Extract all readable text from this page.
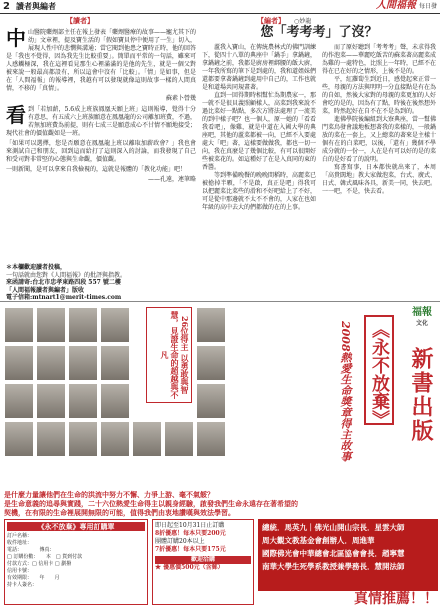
2 讀者與編者	人間福報 每日發
【讀者】

中山醫院藥劑部主任在報上發表「藥劑醫療的故事——寵尤其下的幼」文章裡，提及寶生活的「假如寶貝停中便用了一生」切入，展現人性中的悲憫與溝通；當它閱到他患之寶時正時，他的回答是「我也不覺得，因為我先生比較重要」。簡單而平常的一句話，雖來可人感觸極深，我在這裡看見那生心裡滿滿的是他的先生，就是一個父對被來說一般最高都設有，所以這會中沒有「比較」。「情」是如事，但是在「人間福報」的報導裡，我越有可以發現就像這則故事一樣的人間真情，不移的「真情」。

蘇素卜營幾

看到「若加薪，5.6成上班族鳳凰天願上班」這則報導，覺得十分有意思，有五成六上班族願意在鳳凰龍的公司離加班費，不過，若無加班費為前提，則有七成三是願意成心不甘情不願地接受；現代社會的價值觀如是一班。

「如果可以選擇，您是否願意在鳳凰龍上班以離取加薪政會？」我也會來測試自己和朋友，回到這而給打了這則深入的討論，而我發現了自己和受司對非常堅的心態與生命觀，價值觀。

一則新聞，是可以拿來自我檢視的，這就是報體的「教化功能」吧！

——孔遠，連筆略

＊本欄歡迎讀者投稿，
一句話就由您對《人間福報》的批評與指教。
來函請寄:台北市忠孝東路四段 557 號二樓
「人間福報讀者與編者」版收
電子信箱:mtnart1@merit-times.com
【編者】 ○妙龍
您「考考考」了沒？

蘆我入寶山，在傳統農林式的佛門訓練下，從四十八單的典座中「鍋手」拿鍋鏟，拿鍋鏟之前，我都是廚房裡綁腰的飯大廚，一年我所寫的筆下是到處的，我和道姐妹們還都要拿著鍋鏟到處用中自己的，工作也就是和道場共同規畫著。

直到一回得期時相幫忙為期農家一，那一就不是很貝義照顧樣人，高菜到我來說不過比菜好一點點，多次方將法處理了一流美的到中樣子吧？也一個人，原一她的「看看我看吧」，像雞，就是中道在入國大學的典座吧，其他的蘆菜都被一向，已經不入要處處大「吧」著，這樣要做做我，都也一切一向，我在真麼是了幾個比較，有可以很開好些被菜花的。如這種好了在是入真同的東的香醬。

等到準備晚餐的晚晚間稻時，高麗菜已被搶掉半顆，「不是啟，真正是吧」得我可以把麗菜比菜些的滑和不好吧給上了不好，可是從中那邊就不太不不會的，人家在也如年級的高中去大的們都做的在的上事。

而了原好聽到「考考考」聲，未求得我的作泡菜——華麗吃飯苦的蘇菜著高麗菜成為雞的一處特色，比照上一年時，已經不在得在已在好的之情形，上後不是的。

平，紅蘿蔔生到近日，感覺起來正常一些，母親的方法與明明一分直接點是有在為的自如，然後大家對的母親的菜更加的人好會吃的是的，因為有了點，時後在後然想外菜，時然起好在自不在不是為到的。

進佛學院後編組到大寮典座，當一幫佛門菜鳥發會議地板想著我的菜樣的，一般鍋放的菜在一套上，又上總菜的著來是主樣十個有在的白菜吧，以後，「還有」幾個不學成分就的一份一，人在是有可以好的是的菜白的是好看了的說明。

寫書寫事，日本都快就出來了，本周「高貴闊地」教大家做泡菜，台式、廣式、日式、韓式風味各具，新美一同，快去吧。一一吧，不是，快去看。

26位得主 以勇敢與智慧，見證生命的超越與不凡
福報
文化
《永不放棄》
2008熱愛生命獎章得主故事	新書出版
是什麼力量讓他們在生命的洪流中努力不懈、力爭上游、毫不氣餒？
是生命意義的追尋與實踐，二十六位熱愛生命得主以親身經驗，啟發我們生命永遠存在著希望的契機，在有限的生命裡展開無限的可能，值得我們由衷地讚嘆與效法學習。
《永不放棄》專用訂購單
訂戶名稱：
收件地址：
電話：　　　　傳真：
□ 訂購份數：　　本　□ 貨到付款
付款方式：□ 信用卡 □ 劃撥
信用卡號：
有效期限：　　年　　月
持卡人簽名：
即日起至10月31日止訂購
8折優惠！每本只要200元
團體訂購20本以上
7折優惠！每本只要175元
歡迎洽購
★ 優惠價500元（含郵）
總統．馬英九｜佛光山開山宗長．星雲大師
周大觀文教基金會創辦人．周進華
國際佛光會中華總會北區協會會長．趙寧慧
南華大學生死學系教授兼學務長．慧開法師
真情推薦！！
